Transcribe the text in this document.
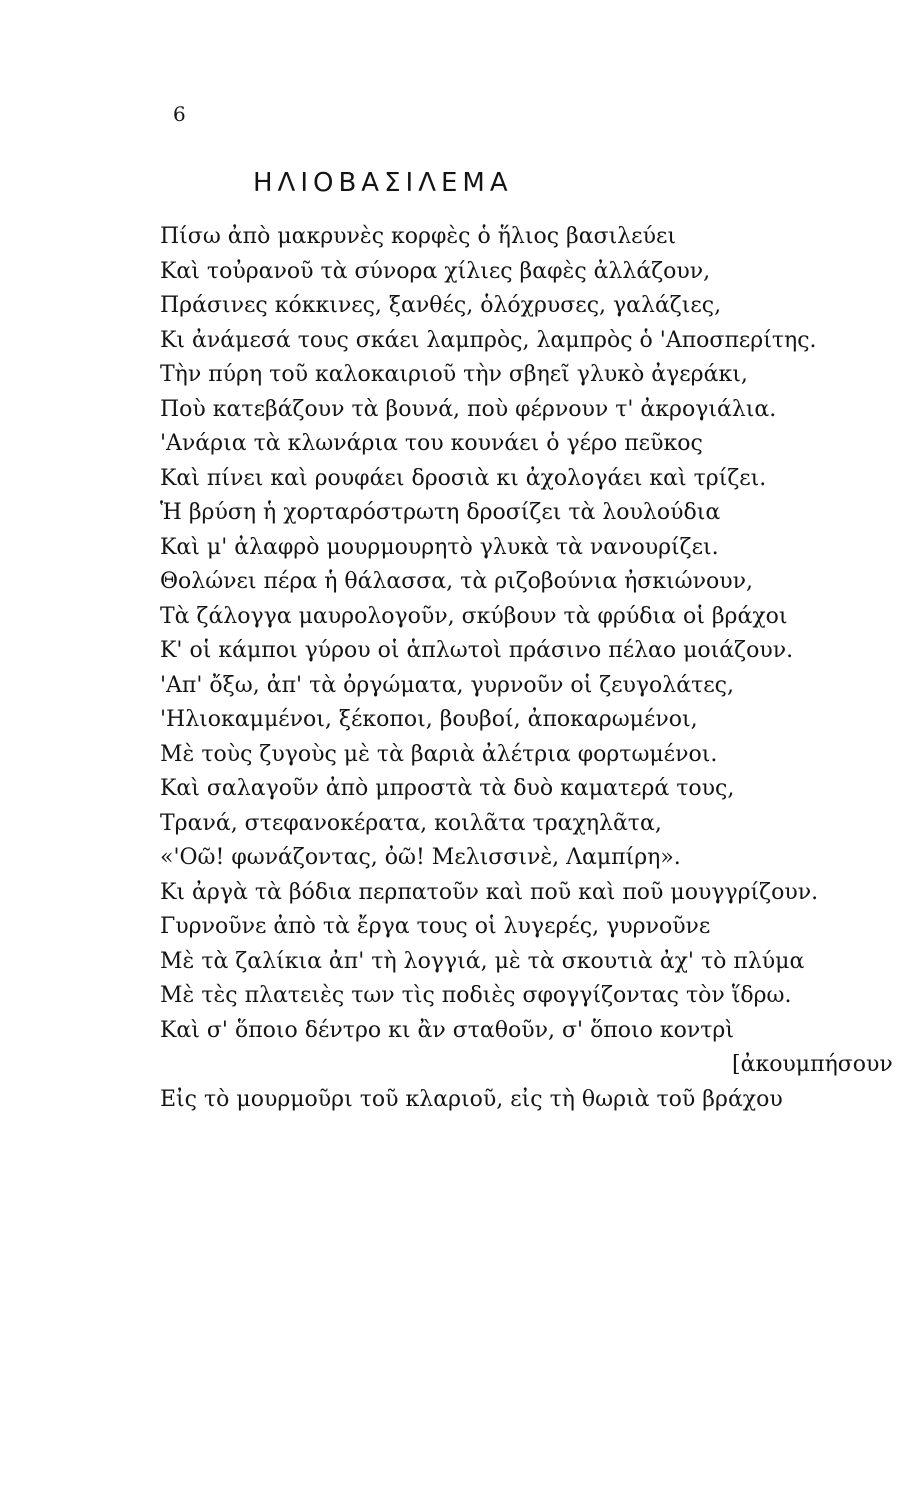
6
ΗΛΙΟΒΑΣΙΛΕΜΑ
Πίσω ἀπὸ μακρυνὲς κορφὲς ὁ ἥλιος βασιλεύει
Καὶ τοὐρανοῦ τὰ σύνορα χίλιες βαφὲς ἀλλάζουν,
Πράσινες κόκκινες, ξανθές, ὁλόχρυσες, γαλάζιες,
Κι ἀνάμεσά τους σκάει λαμπρὸς, λαμπρὸς ὁ 'Αποσπερίτης.
Τὴν πύρη τοῦ καλοκαιριοῦ τὴν σβηεῖ γλυκὸ ἀγεράκι,
Ποὺ κατεβάζουν τὰ βουνά, ποὺ φέρνουν τ' ἀκρογιάλια.
'Ανάρια τὰ κλωνάρια του κουνάει ὁ γέρο πεῦκος
Καὶ πίνει καὶ ρουφάει δροσιὰ κι ἀχολογάει καὶ τρίζει.
Ἡ βρύση ἡ χορταρόστρωτη δροσίζει τὰ λουλούδια
Καὶ μ' ἀλαφρὸ μουρμουρητὸ γλυκὰ τὰ νανουρίζει.
Θολώνει πέρα ἡ θάλασσα, τὰ ριζοβούνια ἠσκιώνουν,
Τὰ ζάλογγα μαυρολογοῦν, σκύβουν τὰ φρύδια οἱ βράχοι
Κ' οἱ κάμποι γύρου οἱ ἁπλωτοὶ πράσινο πέλαο μοιάζουν.
'Απ' ὄξω, ἀπ' τὰ ὀργώματα, γυρνοῦν οἱ ζευγολάτες,
'Ηλιοκαμμένοι, ξέκοποι, βουβοί, ἀποκαρωμένοι,
Μὲ τοὺς ζυγοὺς μὲ τὰ βαριὰ ἀλέτρια φορτωμένοι.
Καὶ σαλαγοῦν ἀπὸ μπροστὰ τὰ δυὸ καματερά τους,
Τρανά, στεφανοκέρατα, κοιλᾶτα τραχηλᾶτα,
«'Οῶ! φωνάζοντας, ὀῶ! Μελισσινὲ, Λαμπίρη».
Κι ἀργὰ τὰ βόδια περπατοῦν καὶ ποῦ καὶ ποῦ μουγγρίζουν.
Γυρνοῦνε ἀπὸ τὰ ἔργα τους οἱ λυγερές, γυρνοῦνε
Μὲ τὰ ζαλίκια ἀπ' τὴ λογγιά, μὲ τὰ σκουτιὰ ἀχ' τὸ πλύμα
Μὲ τὲς πλατειὲς των τὶς ποδιὲς σφογγίζοντας τὸν ἵδρω.
Καὶ σ' ὅποιο δέντρο κι ἂν σταθοῦν, σ' ὅποιο κοντρὶ
[ἀκουμπήσουν
Εἰς τὸ μουρμοῦρι τοῦ κλαριοῦ, εἰς τὴ θωριὰ τοῦ βράχου
